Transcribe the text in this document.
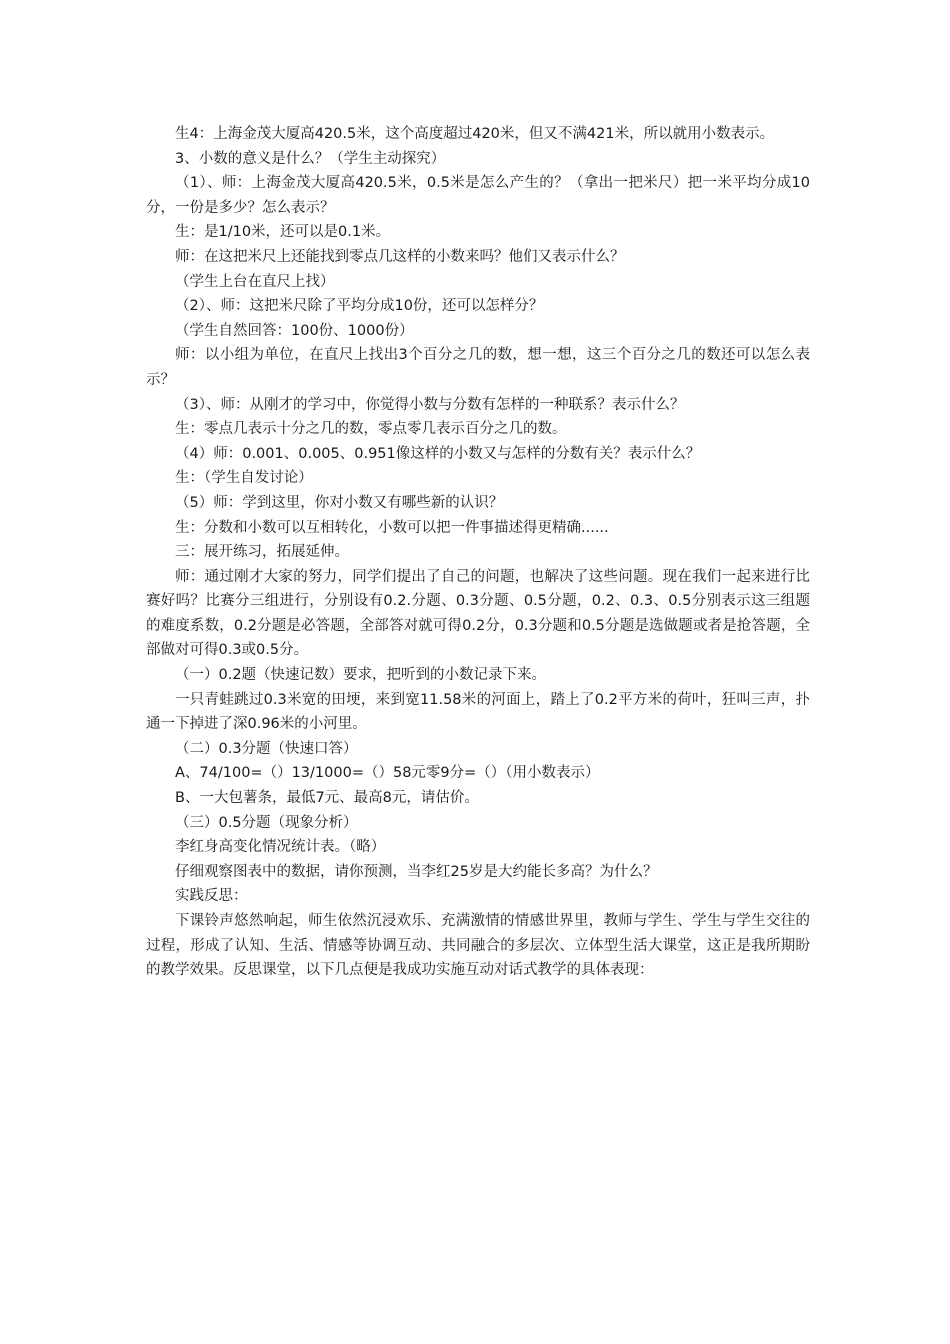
生4：上海金茂大厦高420.5米，这个高度超过420米，但又不满421米，所以就用小数表示。

3、小数的意义是什么？（学生主动探究）

（1）、师：上海金茂大厦高420.5米，0.5米是怎么产生的？（拿出一把米尺）把一米平均分成10分，一份是多少？怎么表示？

生：是1/10米，还可以是0.1米。

师：在这把米尺上还能找到零点几这样的小数来吗？他们又表示什么？

（学生上台在直尺上找）

（2）、师：这把米尺除了平均分成10份，还可以怎样分？

（学生自然回答：100份、1000份）

师：以小组为单位，在直尺上找出3个百分之几的数，想一想，这三个百分之几的数还可以怎么表示？

（3）、师：从刚才的学习中，你觉得小数与分数有怎样的一种联系？表示什么？

生：零点几表示十分之几的数，零点零几表示百分之几的数。

（4）师：0.001、0.005、0.951像这样的小数又与怎样的分数有关？表示什么？

生：（学生自发讨论）

（5）师：学到这里，你对小数又有哪些新的认识？

生：分数和小数可以互相转化，小数可以把一件事描述得更精确......

三：展开练习，拓展延伸。

师：通过刚才大家的努力，同学们提出了自己的问题，也解决了这些问题。现在我们一起来进行比赛好吗？比赛分三组进行，分别设有0.2.分题、0.3分题、0.5分题，0.2、0.3、0.5分别表示这三组题的难度系数，0.2分题是必答题，全部答对就可得0.2分，0.3分题和0.5分题是选做题或者是抢答题，全部做对可得0.3或0.5分。

（一）0.2题（快速记数）要求，把听到的小数记录下来。

一只青蛙跳过0.3米宽的田埂，来到宽11.58米的河面上，踏上了0.2平方米的荷叶，狂叫三声，扑通一下掉进了深0.96米的小河里。

（二）0.3分题（快速口答）

A、74/100=（）13/1000=（）58元零9分=（）（用小数表示）

B、一大包薯条，最低7元、最高8元，请估价。

（三）0.5分题（现象分析）

李红身高变化情况统计表。（略）

仔细观察图表中的数据，请你预测，当李红25岁是大约能长多高？为什么？

实践反思：

下课铃声悠然响起，师生依然沉浸欢乐、充满激情的情感世界里，教师与学生、学生与学生交往的过程，形成了认知、生活、情感等协调互动、共同融合的多层次、立体型生活大课堂，这正是我所期盼的教学效果。反思课堂，以下几点便是我成功实施互动对话式教学的具体表现：
